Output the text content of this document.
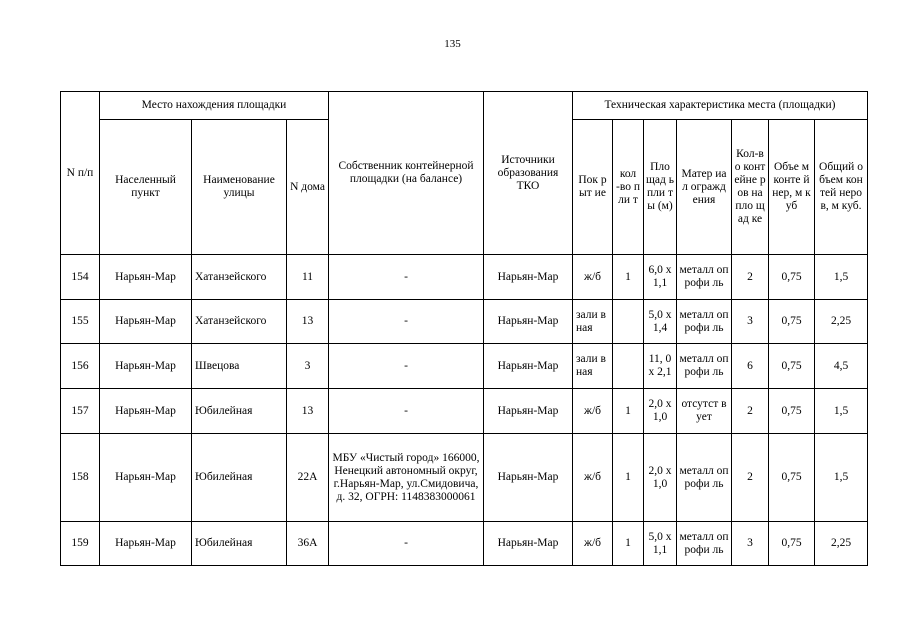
135
N п/п	Место нахождения площадки			Собственник контейнерной площадки (на балансе)	Источники образования ТКО	Техническая характеристика места (площадки)						
	Населенный пункт	Наименование улицы	N дома			Пок рыт ие	кол -во пли т	Пло щад ь пли ты (м)	Матер иал огражд ения	Кол-во конт ейне ров на пло щад ке	Объе м конте йнер, м куб	Общий объем контей неров, м куб.
154	Нарьян-Мар	Хатанзейского	11	-	Нарьян-Мар	ж/б	1	6,0 х 1,1	металл опрофи ль	2	0,75	1,5
155	Нарьян-Мар	Хатанзейского	13	-	Нарьян-Мар	зали вная		5,0 х 1,4	металл опрофи ль	3	0,75	2,25
156	Нарьян-Мар	Швецова	3	-	Нарьян-Мар	зали вная		11, 0 х 2,1	металл опрофи ль	6	0,75	4,5
157	Нарьян-Мар	Юбилейная	13	-	Нарьян-Мар	ж/б	1	2,0 х 1,0	отсутст вует	2	0,75	1,5
158	Нарьян-Мар	Юбилейная	22А	МБУ «Чистый город» 166000, Ненецкий автономный округ, г.Нарьян-Мар, ул.Смидовича, д. 32, ОГРН: 1148383000061	Нарьян-Мар	ж/б	1	2,0 х 1,0	металл опрофи ль	2	0,75	1,5
159	Нарьян-Мар	Юбилейная	36А	-	Нарьян-Мар	ж/б	1	5,0 х 1,1	металл опрофи ль	3	0,75	2,25
